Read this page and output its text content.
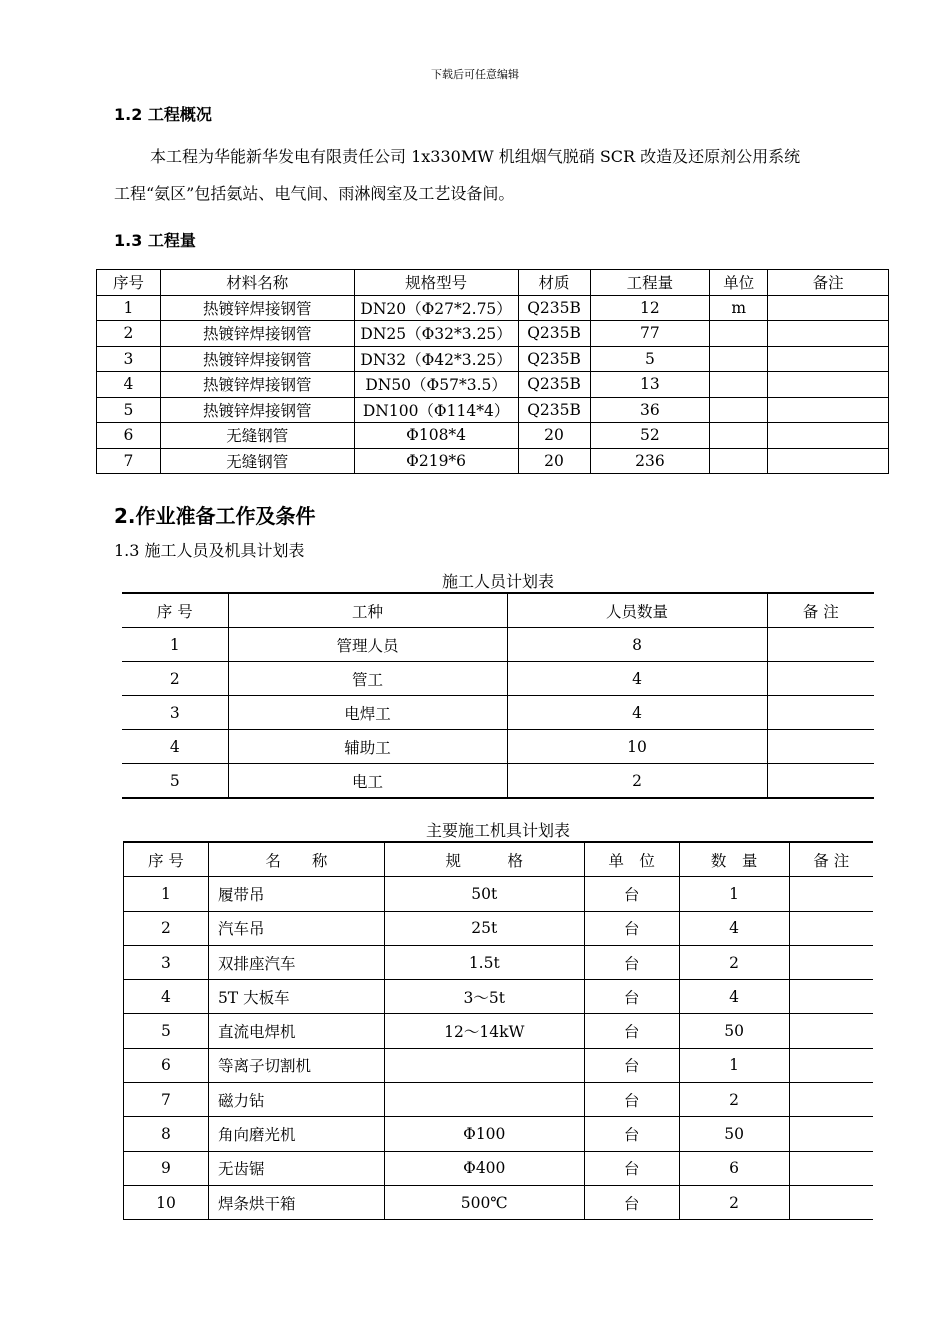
下载后可任意编辑
1.2 工程概况
本工程为华能新华发电有限责任公司 1x330MW 机组烟气脱硝 SCR 改造及还原剂公用系统
工程“氨区”包括氨站、电气间、雨淋阀室及工艺设备间。
1.3 工程量
序号	材料名称	规格型号	材质	工程量	单位	备注
1	热镀锌焊接钢管	DN20（Φ27*2.75）	Q235B	12	m	
2	热镀锌焊接钢管	DN25（Φ32*3.25）	Q235B	77		
3	热镀锌焊接钢管	DN32（Φ42*3.25）	Q235B	5		
4	热镀锌焊接钢管	DN50（Φ57*3.5）	Q235B	13		
5	热镀锌焊接钢管	DN100（Φ114*4）	Q235B	36		
6	无缝钢管	Φ108*4	20	52		
7	无缝钢管	Φ219*6	20	236		
2.作业准备工作及条件
1.3 施工人员及机具计划表
施工人员计划表
序 号	工种	人员数量	备 注
1	管理人员	8	
2	管工	4	
3	电焊工	4	
4	辅助工	10	
5	电工	2	
主要施工机具计划表
序 号	名　　称	规　　　格	单　位	数　量	备 注
1	履带吊	50t	台	1	
2	汽车吊	25t	台	4	
3	双排座汽车	1.5t	台	2	
4	5T 大板车	3～5t	台	4	
5	直流电焊机	12～14kW	台	50	
6	等离子切割机		台	1	
7	磁力钻		台	2	
8	角向磨光机	Φ100	台	50	
9	无齿锯	Φ400	台	6	
10	焊条烘干箱	500℃	台	2	
